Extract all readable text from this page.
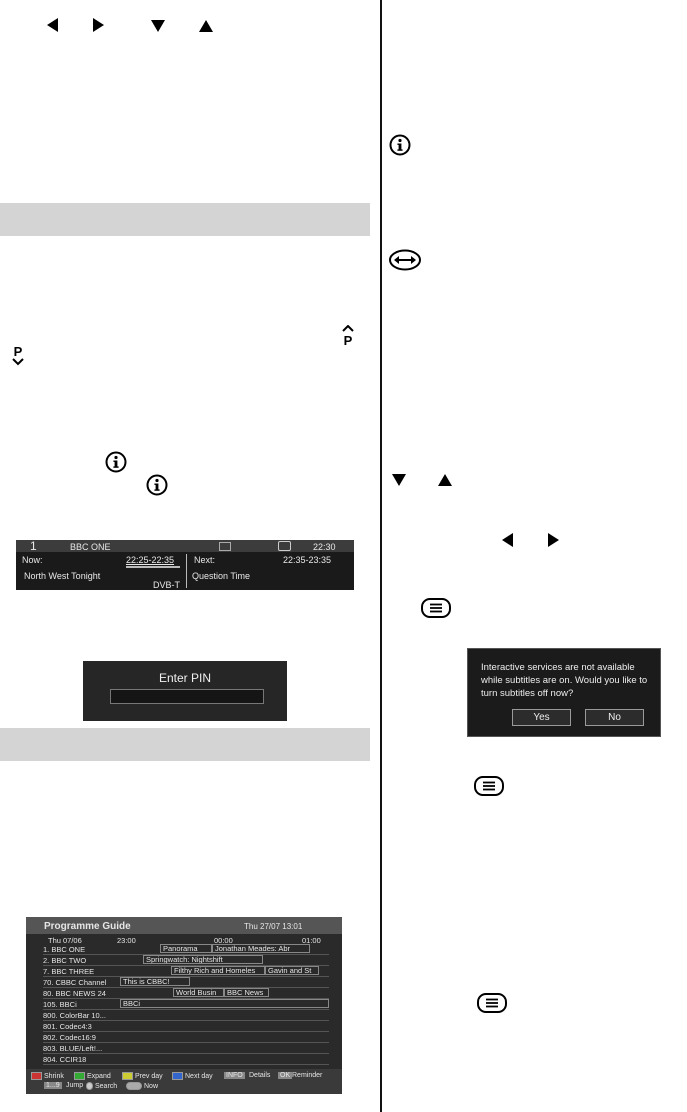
P
P
1	BBC ONE	22:30
Now:	22:25-22:35 Next:	22:35-23:35
North West Tonight	Question Time
DVB-T
Enter PIN
Programme Guide	Thu 27/07 13:01
Thu 07/06	23:00	00:00	01:00
1. BBC ONE	Panorama	Jonathan Meades: Abr
2. BBC TWO	Springwatch: Nightshift
7. BBC THREE	Filthy Rich and Homeles	Gavin and St
70. CBBC Channel	This is CBBC!
80. BBC NEWS 24	World Busin	BBC News
105. BBCi	BBCi
800. ColorBar 10...
801. Codec4:3
802. Codec16:9
803. BLUE/Left!...
804. CCIR18
Shrink	Expand	Prev day	Next day INFO Details OK Reminder
1...9 Jump	Search	Now
Interactive services are not available while subtitles are on. Would you like to turn subtitles off now?
Yes	No
